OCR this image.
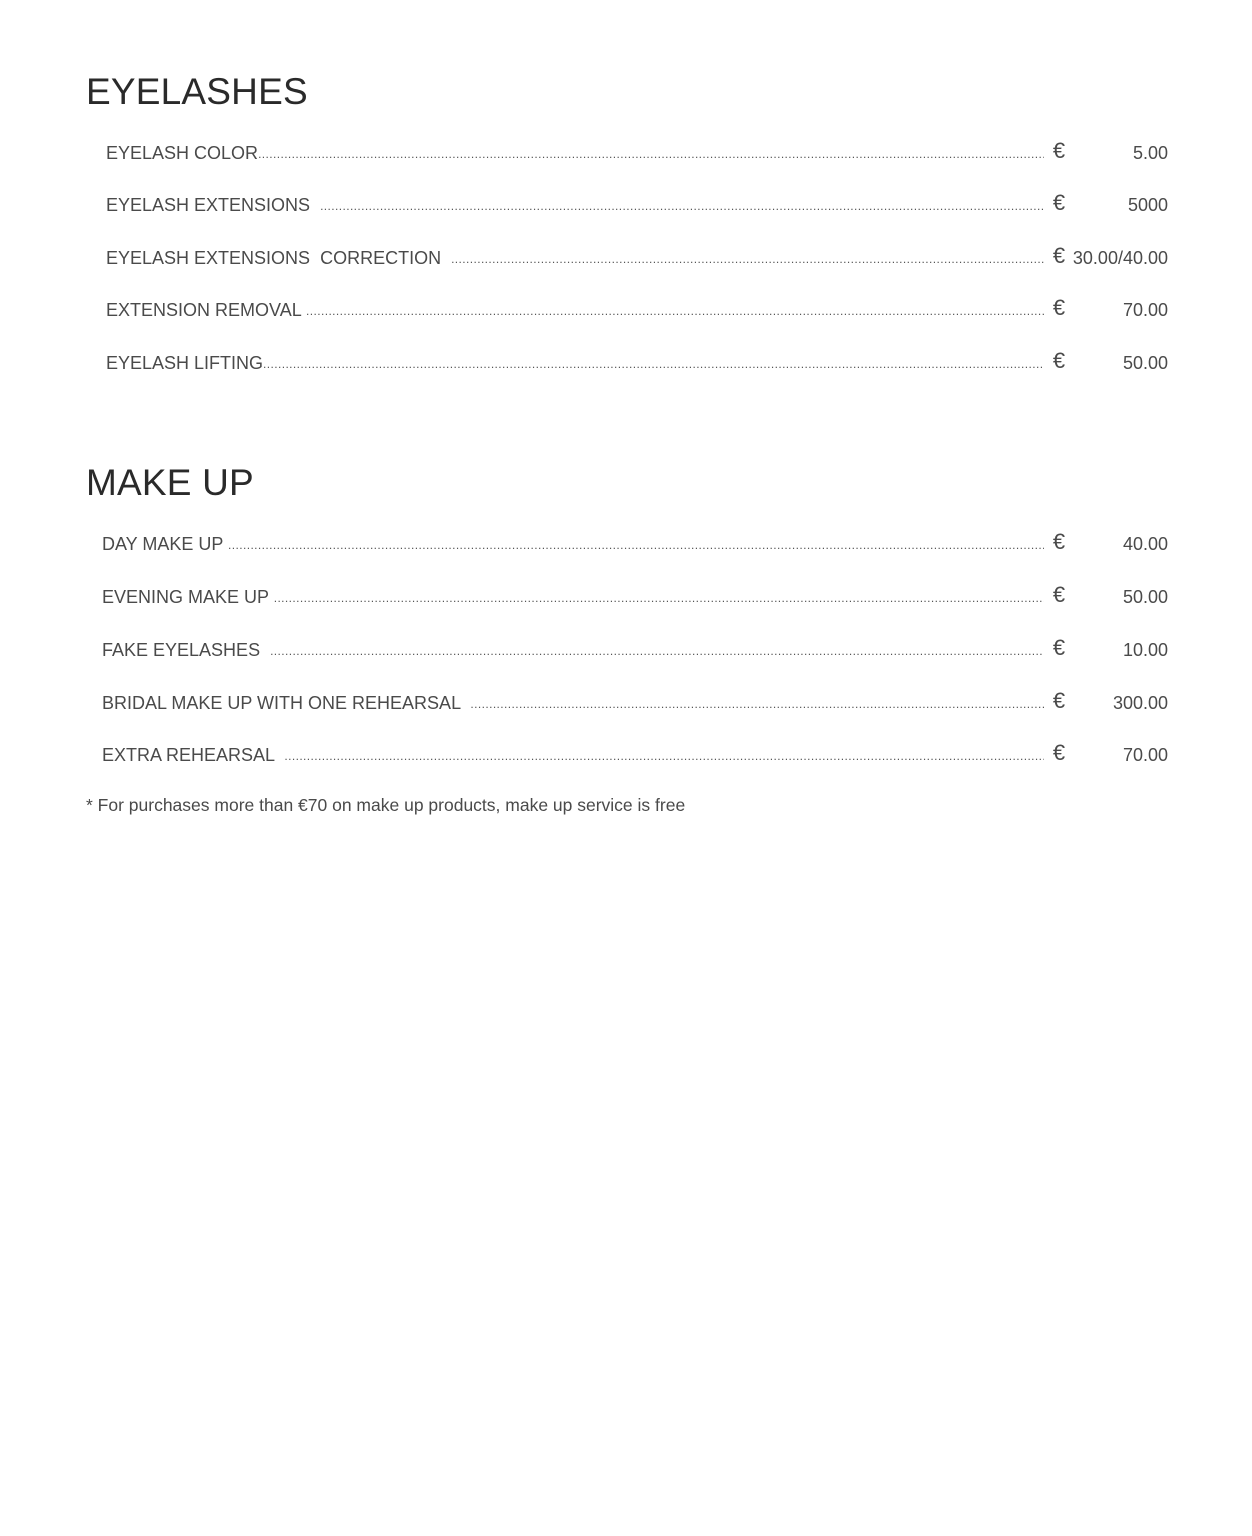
EYELASHES
EYELASH COLOR .....	€	5.00
EYELASH EXTENSIONS .....	€	5000
EYELASH EXTENSIONS  CORRECTION .....	€ 30.00/40.00
EXTENSION REMOVAL .....	€	70.00
EYELASH LIFTING .....	€	50.00
MAKE UP
DAY MAKE UP .....	€	40.00
EVENING MAKE UP .....	€	50.00
FAKE EYELASHES .....	€	10.00
BRIDAL MAKE UP WITH ONE REHEARSAL .....	€	300.00
EXTRA REHEARSAL .....	€	70.00
* For purchases more than €70 on make up products, make up service is free
